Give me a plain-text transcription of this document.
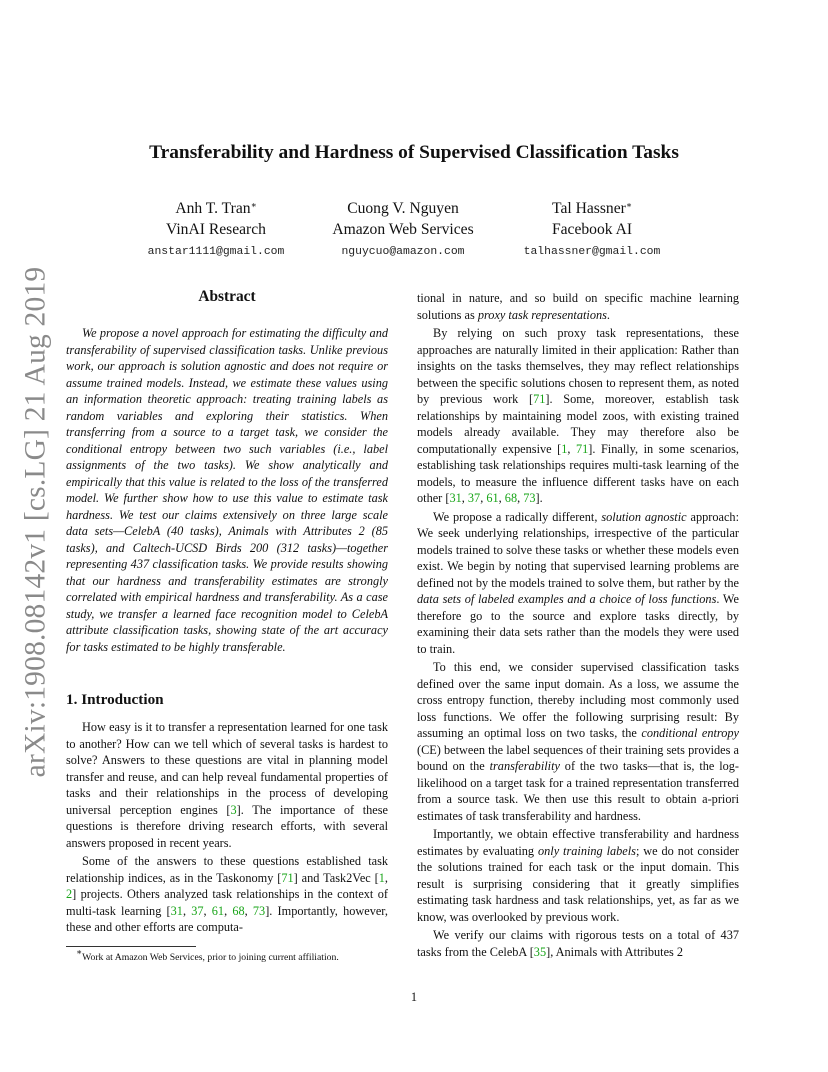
arXiv:1908.08142v1 [cs.LG] 21 Aug 2019
Transferability and Hardness of Supervised Classification Tasks
Anh T. Tran∗
VinAI Research
anstar1111@gmail.com
Cuong V. Nguyen
Amazon Web Services
nguycuo@amazon.com
Tal Hassner∗
Facebook AI
talhassner@gmail.com
Abstract

We propose a novel approach for estimating the difficulty and transferability of supervised classification tasks. Unlike previous work, our approach is solution agnostic and does not require or assume trained models. Instead, we estimate these values using an information theoretic approach: treating training labels as random variables and exploring their statistics. When transferring from a source to a target task, we consider the conditional entropy between two such variables (i.e., label assignments of the two tasks). We show analytically and empirically that this value is related to the loss of the transferred model. We further show how to use this value to estimate task hardness. We test our claims extensively on three large scale data sets—CelebA (40 tasks), Animals with Attributes 2 (85 tasks), and Caltech-UCSD Birds 200 (312 tasks)—together representing 437 classification tasks. We provide results showing that our hardness and transferability estimates are strongly correlated with empirical hardness and transferability. As a case study, we transfer a learned face recognition model to CelebA attribute classification tasks, showing state of the art accuracy for tasks estimated to be highly transferable.

1. Introduction

How easy is it to transfer a representation learned for one task to another? How can we tell which of several tasks is hardest to solve? Answers to these questions are vital in planning model transfer and reuse, and can help reveal fundamental properties of tasks and their relationships in the process of developing universal perception engines [3]. The importance of these questions is therefore driving research efforts, with several answers proposed in recent years.

Some of the answers to these questions established task relationship indices, as in the Taskonomy [71] and Task2Vec [1, 2] projects. Others analyzed task relationships in the context of multi-task learning [31, 37, 61, 68, 73]. Importantly, however, these and other efforts are computa-

tional in nature, and so build on specific machine learning solutions as proxy task representations.

By relying on such proxy task representations, these approaches are naturally limited in their application: Rather than insights on the tasks themselves, they may reflect relationships between the specific solutions chosen to represent them, as noted by previous work [71]. Some, moreover, establish task relationships by maintaining model zoos, with existing trained models already available. They may therefore also be computationally expensive [1, 71]. Finally, in some scenarios, establishing task relationships requires multi-task learning of the models, to measure the influence different tasks have on each other [31, 37, 61, 68, 73].

We propose a radically different, solution agnostic approach: We seek underlying relationships, irrespective of the particular models trained to solve these tasks or whether these models even exist. We begin by noting that supervised learning problems are defined not by the models trained to solve them, but rather by the data sets of labeled examples and a choice of loss functions. We therefore go to the source and explore tasks directly, by examining their data sets rather than the models they were used to train.

To this end, we consider supervised classification tasks defined over the same input domain. As a loss, we assume the cross entropy function, thereby including most commonly used loss functions. We offer the following surprising result: By assuming an optimal loss on two tasks, the conditional entropy (CE) between the label sequences of their training sets provides a bound on the transferability of the two tasks—that is, the log-likelihood on a target task for a trained representation transferred from a source task. We then use this result to obtain a-priori estimates of task transferability and hardness.

Importantly, we obtain effective transferability and hardness estimates by evaluating only training labels; we do not consider the solutions trained for each task or the input domain. This result is surprising considering that it greatly simplifies estimating task hardness and task relationships, yet, as far as we know, was overlooked by previous work.

We verify our claims with rigorous tests on a total of 437 tasks from the CelebA [35], Animals with Attributes 2

∗Work at Amazon Web Services, prior to joining current affiliation.
1
